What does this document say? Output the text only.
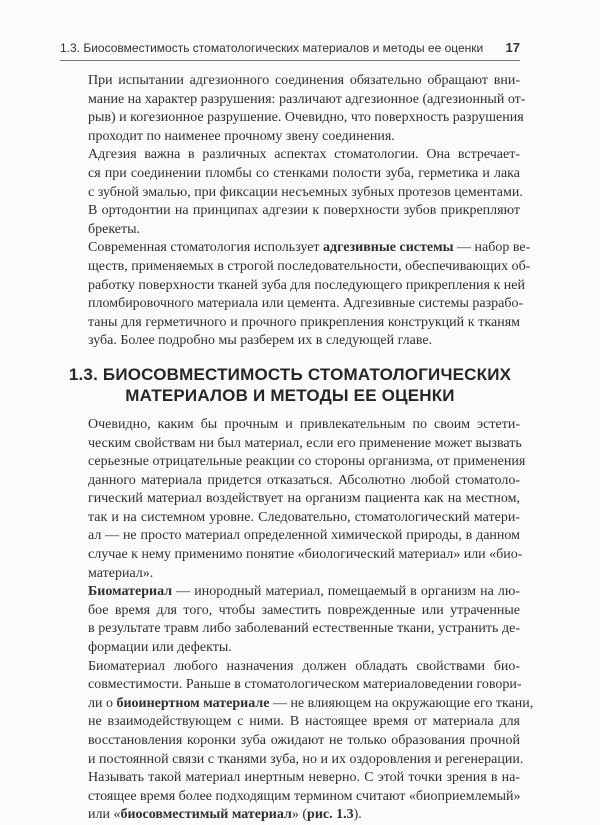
1.3. Биосовместимость стоматологических материалов и методы ее оценки 17

При испытании адгезионного соединения обязательно обращают вни-
мание на характер разрушения: различают адгезионное (адгезионный от-
рыв) и когезионное разрушение. Очевидно, что поверхность разрушения
проходит по наименее прочному звену соединения.

Адгезия важна в различных аспектах стоматологии. Она встречает-
ся при соединении пломбы со стенками полости зуба, герметика и лака
с зубной эмалью, при фиксации несъемных зубных протезов цементами.
В ортодонтии на принципах адгезии к поверхности зубов прикрепляют
брекеты.

Современная стоматология использует адгезивные системы — набор ве-
ществ, применяемых в строгой последовательности, обеспечивающих об-
работку поверхности тканей зуба для последующего прикрепления к ней
пломбировочного материала или цемента. Адгезивные системы разрабо-
таны для герметичного и прочного прикрепления конструкций к тканям
зуба. Более подробно мы разберем их в следующей главе.

1.3. БИОСОВМЕСТИМОСТЬ СТОМАТОЛОГИЧЕСКИХ
МАТЕРИАЛОВ И МЕТОДЫ ЕЕ ОЦЕНКИ

Очевидно, каким бы прочным и привлекательным по своим эстети-
ческим свойствам ни был материал, если его применение может вызвать
серьезные отрицательные реакции со стороны организма, от применения
данного материала придется отказаться. Абсолютно любой стоматоло-
гический материал воздействует на организм пациента как на местном,
так и на системном уровне. Следовательно, стоматологический матери-
ал — не просто материал определенной химической природы, в данном
случае к нему применимо понятие «биологический материал» или «био-
материал».

Биоматериал — инородный материал, помещаемый в организм на лю-
бое время для того, чтобы заместить поврежденные или утраченные
в результате травм либо заболеваний естественные ткани, устранить де-
формации или дефекты.

Биоматериал любого назначения должен обладать свойствами био-
совместимости. Раньше в стоматологическом материаловедении говори-
ли о биоинертном материале — не влияющем на окружающие его ткани,
не взаимодействующем с ними. В настоящее время от материала для
восстановления коронки зуба ожидают не только образования прочной
и постоянной связи с тканями зуба, но и их оздоровления и регенерации.
Называть такой материал инертным неверно. С этой точки зрения в на-
стоящее время более подходящим термином считают «биоприемлемый»
или «биосовместимый материал» (рис. 1.3).
